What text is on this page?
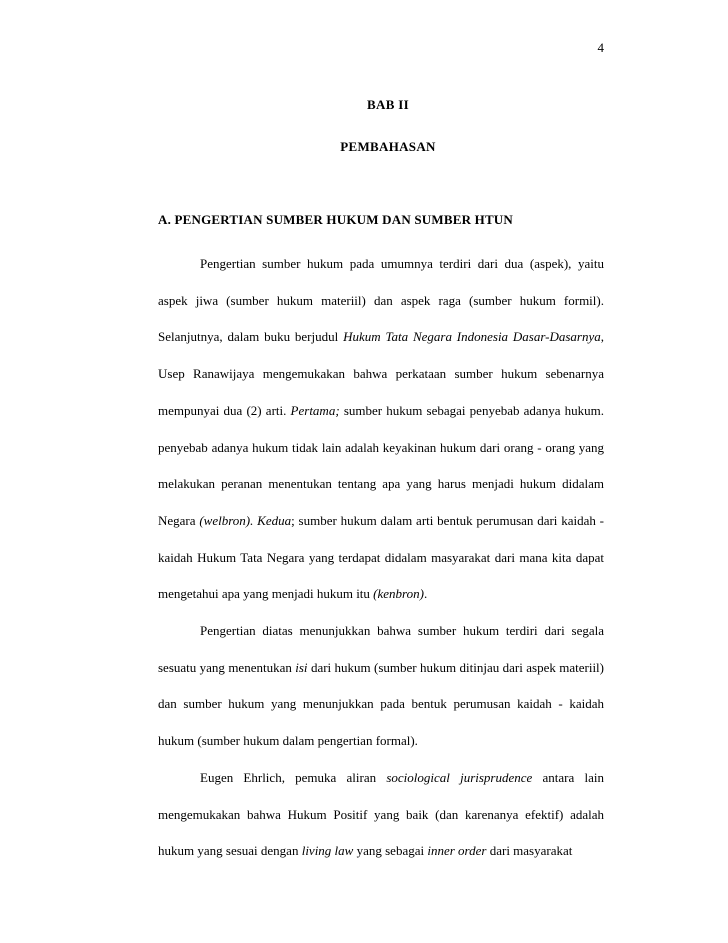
4
BAB II
PEMBAHASAN
A. PENGERTIAN SUMBER HUKUM DAN SUMBER HTUN

Pengertian sumber hukum pada umumnya terdiri dari dua (aspek), yaitu aspek jiwa (sumber hukum materiil) dan aspek raga (sumber hukum formil). Selanjutnya, dalam buku berjudul Hukum Tata Negara Indonesia Dasar-Dasarnya, Usep Ranawijaya mengemukakan bahwa perkataan sumber hukum sebenarnya mempunyai dua (2) arti. Pertama; sumber hukum sebagai penyebab adanya hukum. penyebab adanya hukum tidak lain adalah keyakinan hukum dari orang - orang yang melakukan peranan menentukan tentang apa yang harus menjadi hukum didalam Negara (welbron). Kedua; sumber hukum dalam arti bentuk perumusan dari kaidah - kaidah Hukum Tata Negara yang terdapat didalam masyarakat dari mana kita dapat mengetahui apa yang menjadi hukum itu (kenbron).

Pengertian diatas menunjukkan bahwa sumber hukum terdiri dari segala sesuatu yang menentukan isi dari hukum (sumber hukum ditinjau dari aspek materiil) dan sumber hukum yang menunjukkan pada bentuk perumusan kaidah - kaidah hukum (sumber hukum dalam pengertian formal).

Eugen Ehrlich, pemuka aliran sociological jurisprudence antara lain mengemukakan bahwa Hukum Positif yang baik (dan karenanya efektif) adalah hukum yang sesuai dengan living law yang sebagai inner order dari masyarakat
